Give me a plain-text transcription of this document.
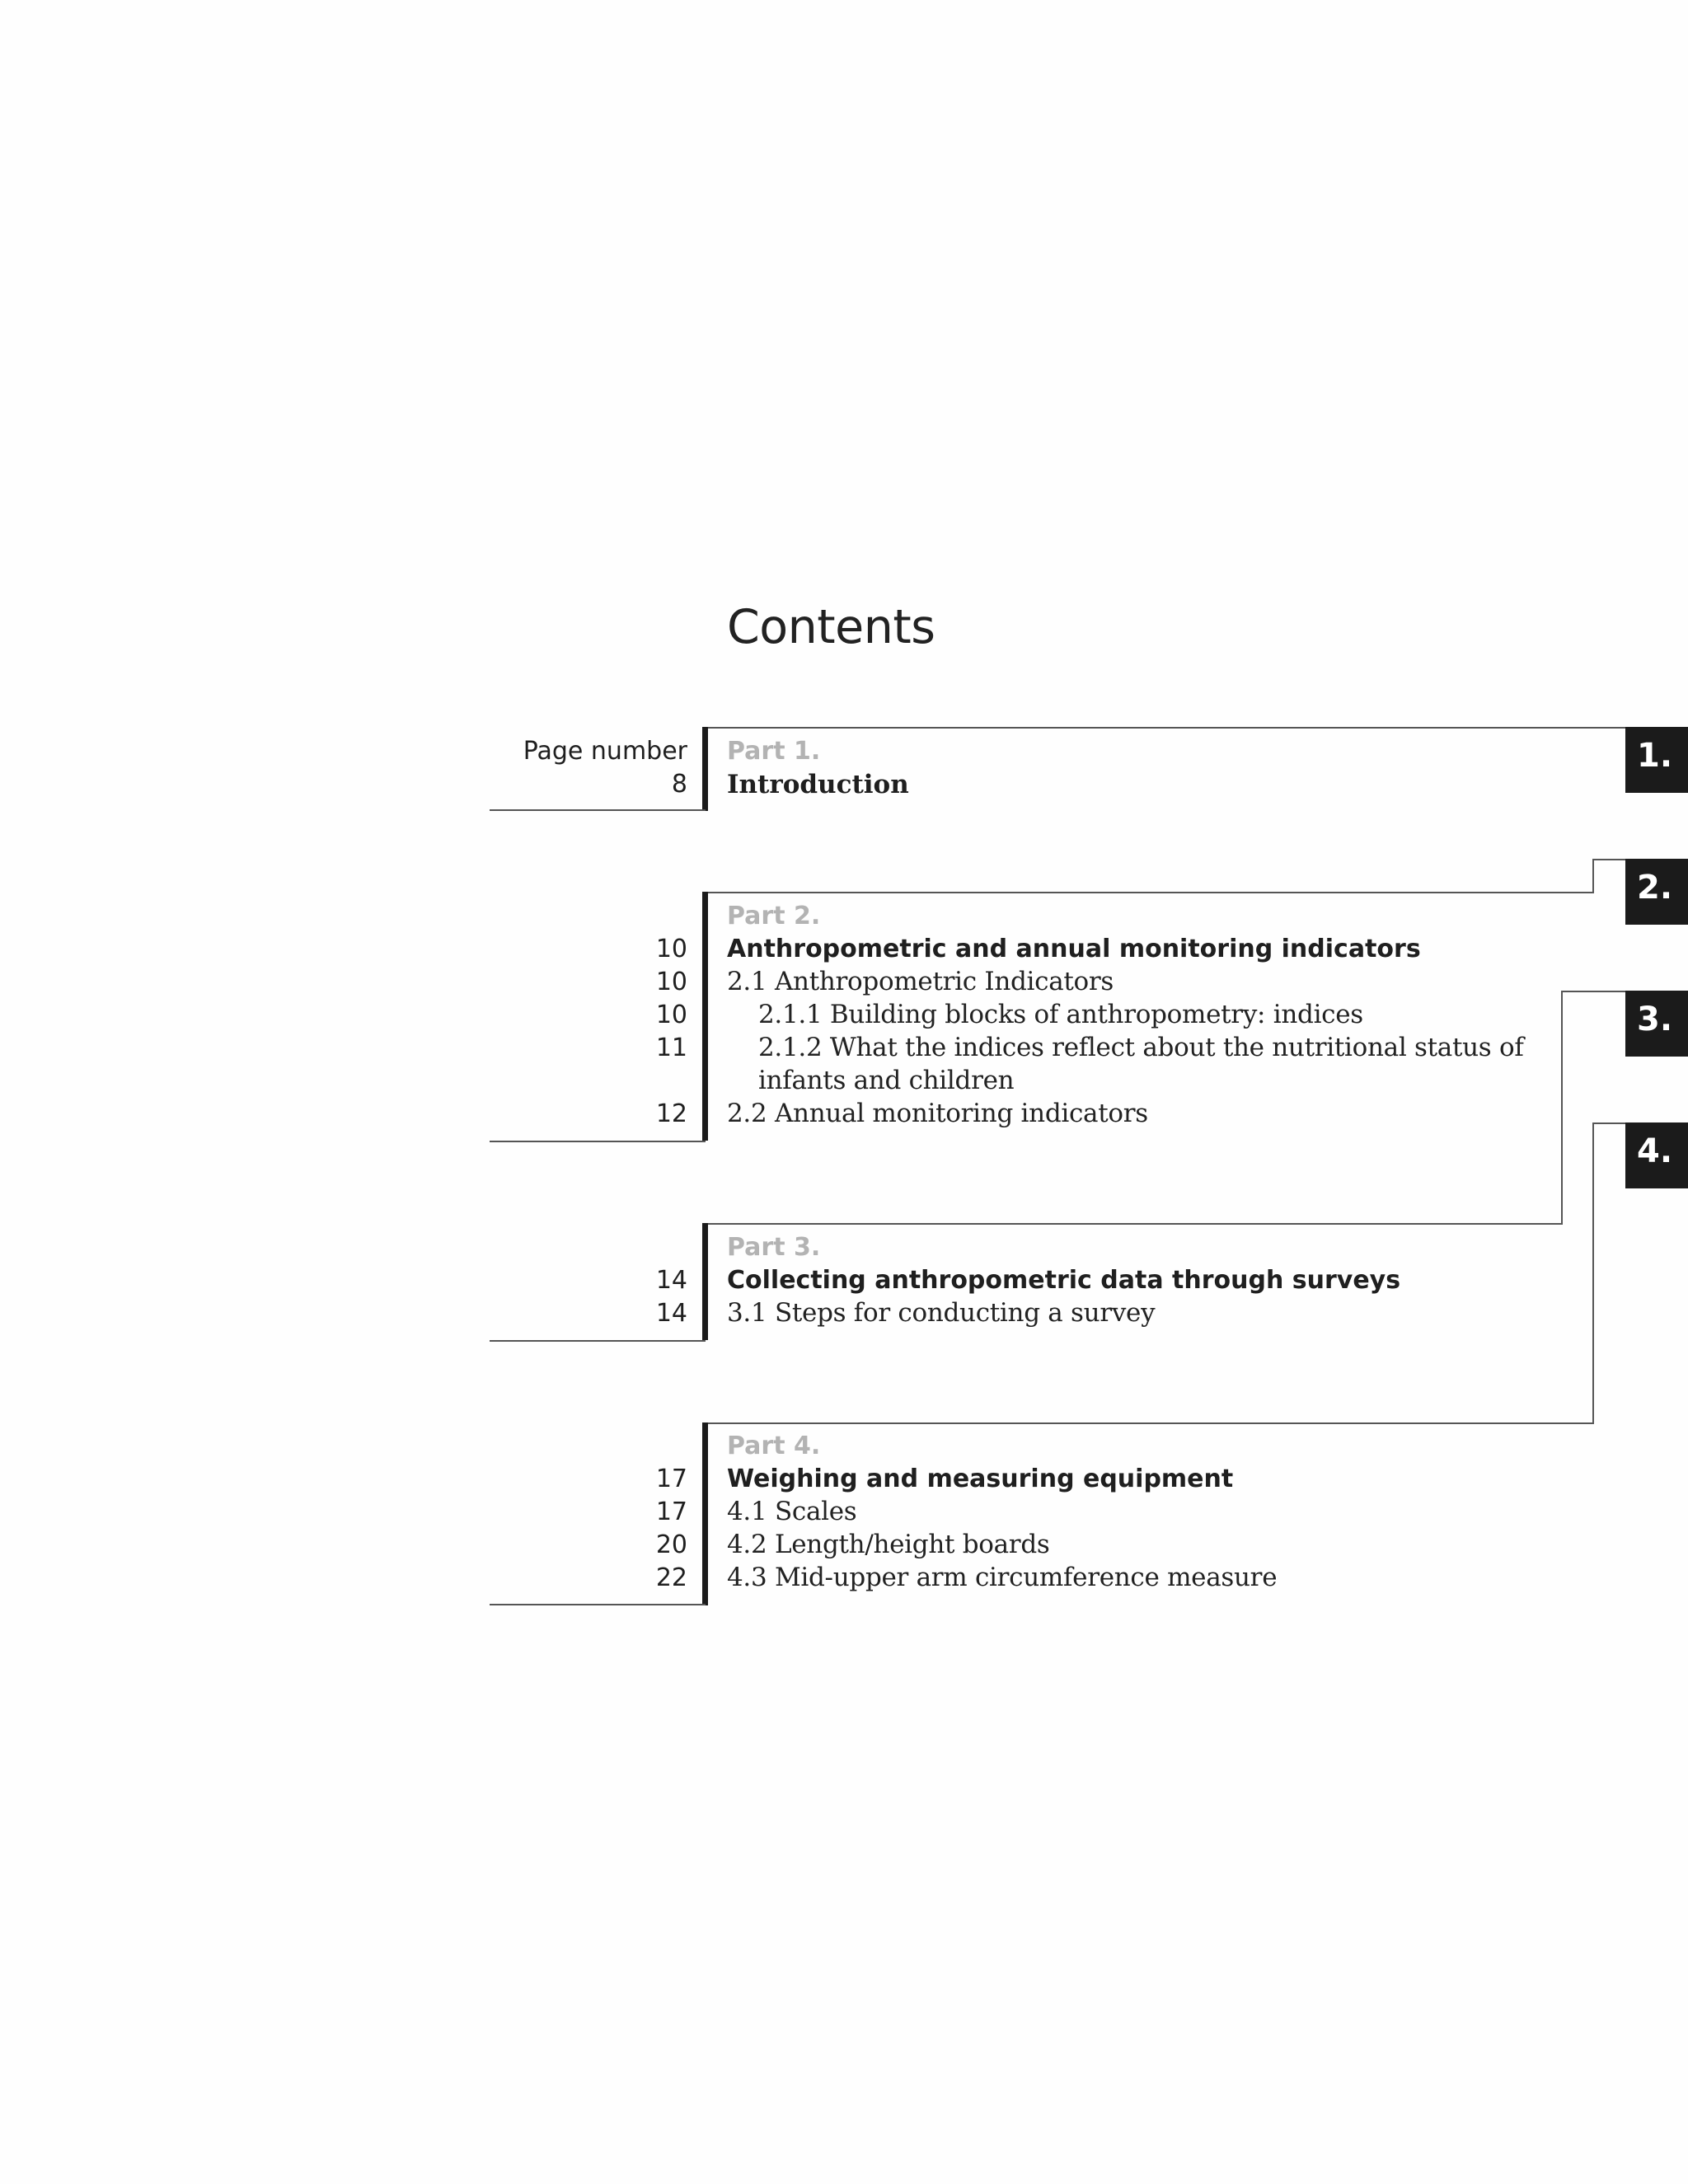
Contents
Page number
8
Part 1.
Introduction
Part 2.
10 Anthropometric and annual monitoring indicators
10 2.1 Anthropometric Indicators
10	2.1.1 Building blocks of anthropometry: indices
11	2.1.2 What the indices reflect about the nutritional status of
infants and children
12 2.2 Annual monitoring indicators
Part 3.
14 Collecting anthropometric data through surveys
14 3.1 Steps for conducting a survey
Part 4.
17 Weighing and measuring equipment
17 4.1 Scales
20 4.2 Length/height boards
22 4.3 Mid-upper arm circumference measure
1.
2.
3.
4.
